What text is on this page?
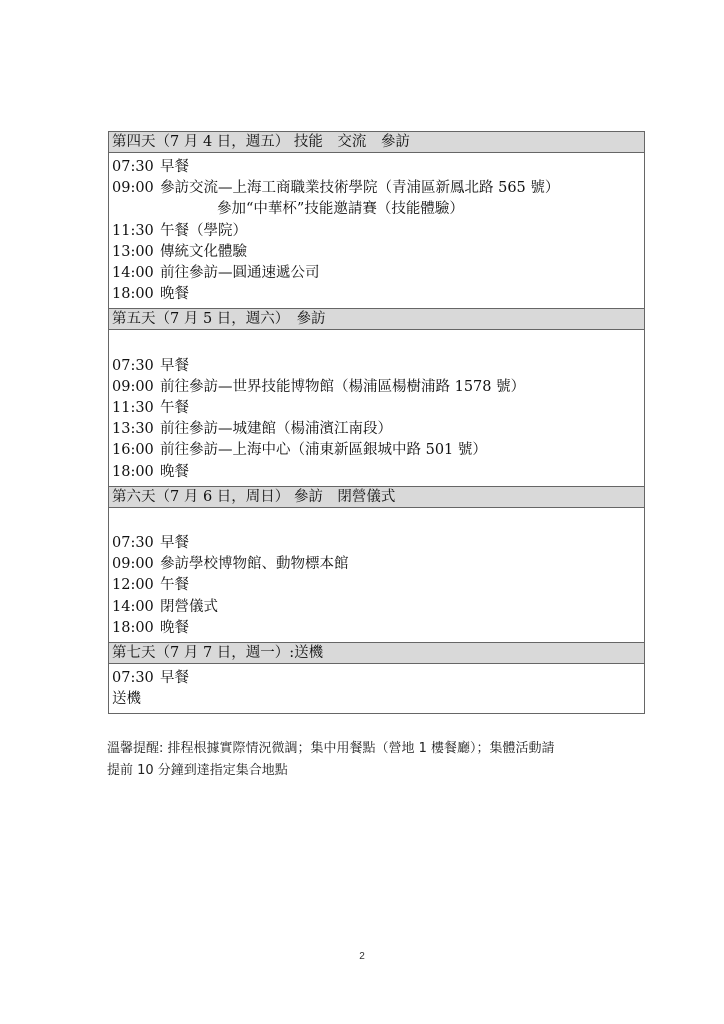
第四天（7 月 4 日，週五） 技能　交流　參訪
07:30 早餐
09:00 參訪交流—上海工商職業技術學院（青浦區新鳳北路 565 號）
參加“中華杯”技能邀請賽（技能體驗）
11:30 午餐（學院）
13:00 傳統文化體驗
14:00 前往參訪—圓通速遞公司
18:00 晚餐
第五天（7 月 5 日，週六）　參訪

07:30 早餐
09:00 前往參訪—世界技能博物館（楊浦區楊樹浦路 1578 號）
11:30 午餐
13:30 前往參訪—城建館（楊浦濱江南段）
16:00 前往參訪—上海中心（浦東新區銀城中路 501 號）
18:00 晚餐
第六天（7 月 6 日，周日） 參訪　閉營儀式

07:30 早餐
09:00 參訪學校博物館、動物標本館
12:00 午餐
14:00 閉營儀式
18:00 晚餐
第七天（7 月 7 日，週一）:送機
07:30 早餐
送機
溫馨提醒: 排程根據實際情況微調；集中用餐點（營地 1 樓餐廳）；集體活動請
提前 10 分鐘到達指定集合地點
2
